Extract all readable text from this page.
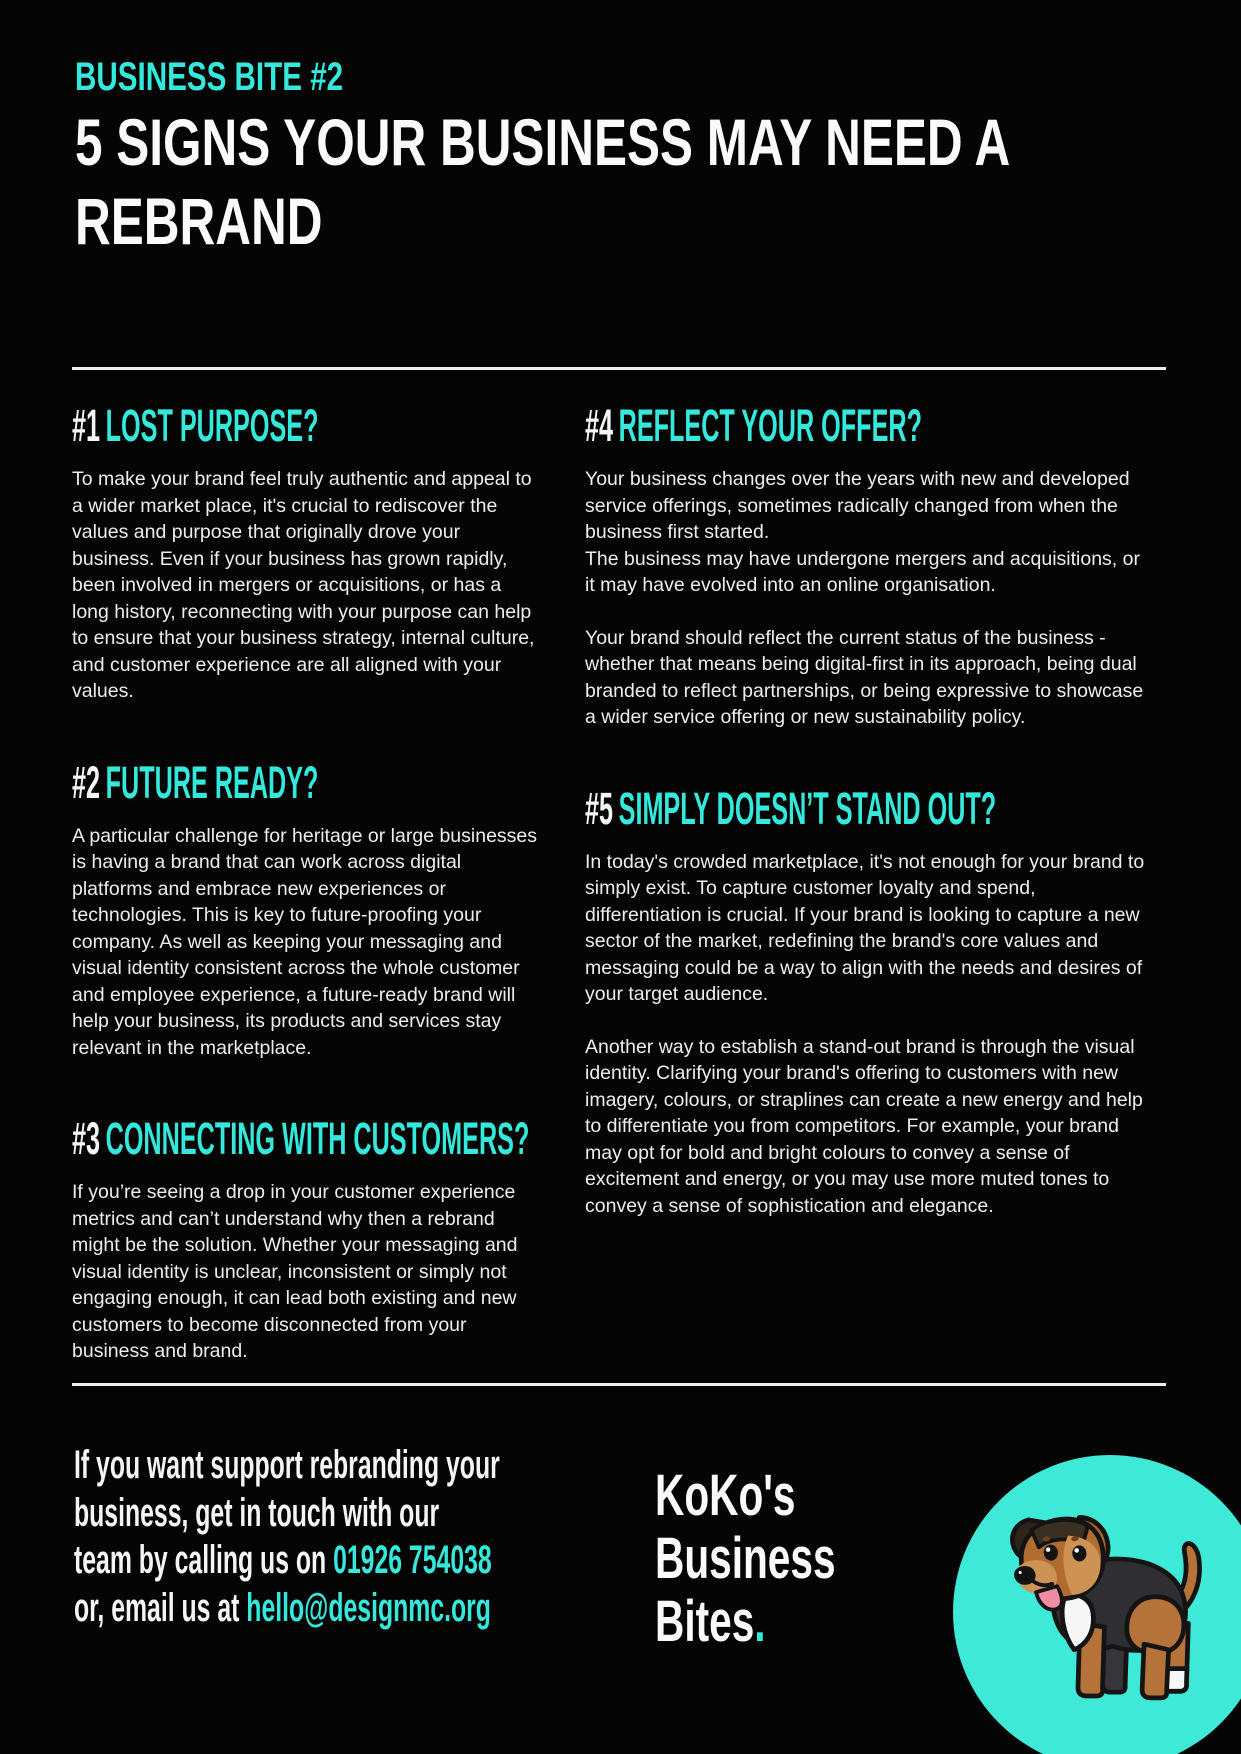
BUSINESS BITE #2
5 SIGNS YOUR BUSINESS MAY NEED A REBRAND
#1 LOST PURPOSE?

To make your brand feel truly authentic and appeal to a wider market place, it's crucial to rediscover the values and purpose that originally drove your business. Even if your business has grown rapidly, been involved in mergers or acquisitions, or has a long history, reconnecting with your purpose can help to ensure that your business strategy, internal culture, and customer experience are all aligned with your values.

#2 FUTURE READY?

A particular challenge for heritage or large businesses is having a brand that can work across digital platforms and embrace new experiences or technologies. This is key to future-proofing your company. As well as keeping your messaging and visual identity consistent across the whole customer and employee experience, a future-ready brand will help your business, its products and services stay relevant in the marketplace.

#3 CONNECTING WITH CUSTOMERS?

If you’re seeing a drop in your customer experience metrics and can’t understand why then a rebrand might be the solution. Whether your messaging and visual identity is unclear, inconsistent or simply not engaging enough, it can lead both existing and new customers to become disconnected from your business and brand.

#4 REFLECT YOUR OFFER?

Your business changes over the years with new and developed service offerings, sometimes radically changed from when the business first started.

The business may have undergone mergers and acquisitions, or it may have evolved into an online organisation.

Your brand should reflect the current status of the business - whether that means being digital-first in its approach, being dual branded to reflect partnerships, or being expressive to showcase a wider service offering or new sustainability policy.

#5 SIMPLY DOESN’T STAND OUT?

In today's crowded marketplace, it's not enough for your brand to simply exist. To capture customer loyalty and spend, differentiation is crucial. If your brand is looking to capture a new sector of the market, redefining the brand's core values and messaging could be a way to align with the needs and desires of your target audience.

Another way to establish a stand-out brand is through the visual identity. Clarifying your brand's offering to customers with new imagery, colours, or straplines can create a new energy and help to differentiate you from competitors. For example, your brand may opt for bold and bright colours to convey a sense of excitement and energy, or you may use more muted tones to convey a sense of sophistication and elegance.

If you want support rebranding your
business, get in touch with our
team by calling us on 01926 754038
or, email us at hello@designmc.org
KoKo's
Business
Bites.
